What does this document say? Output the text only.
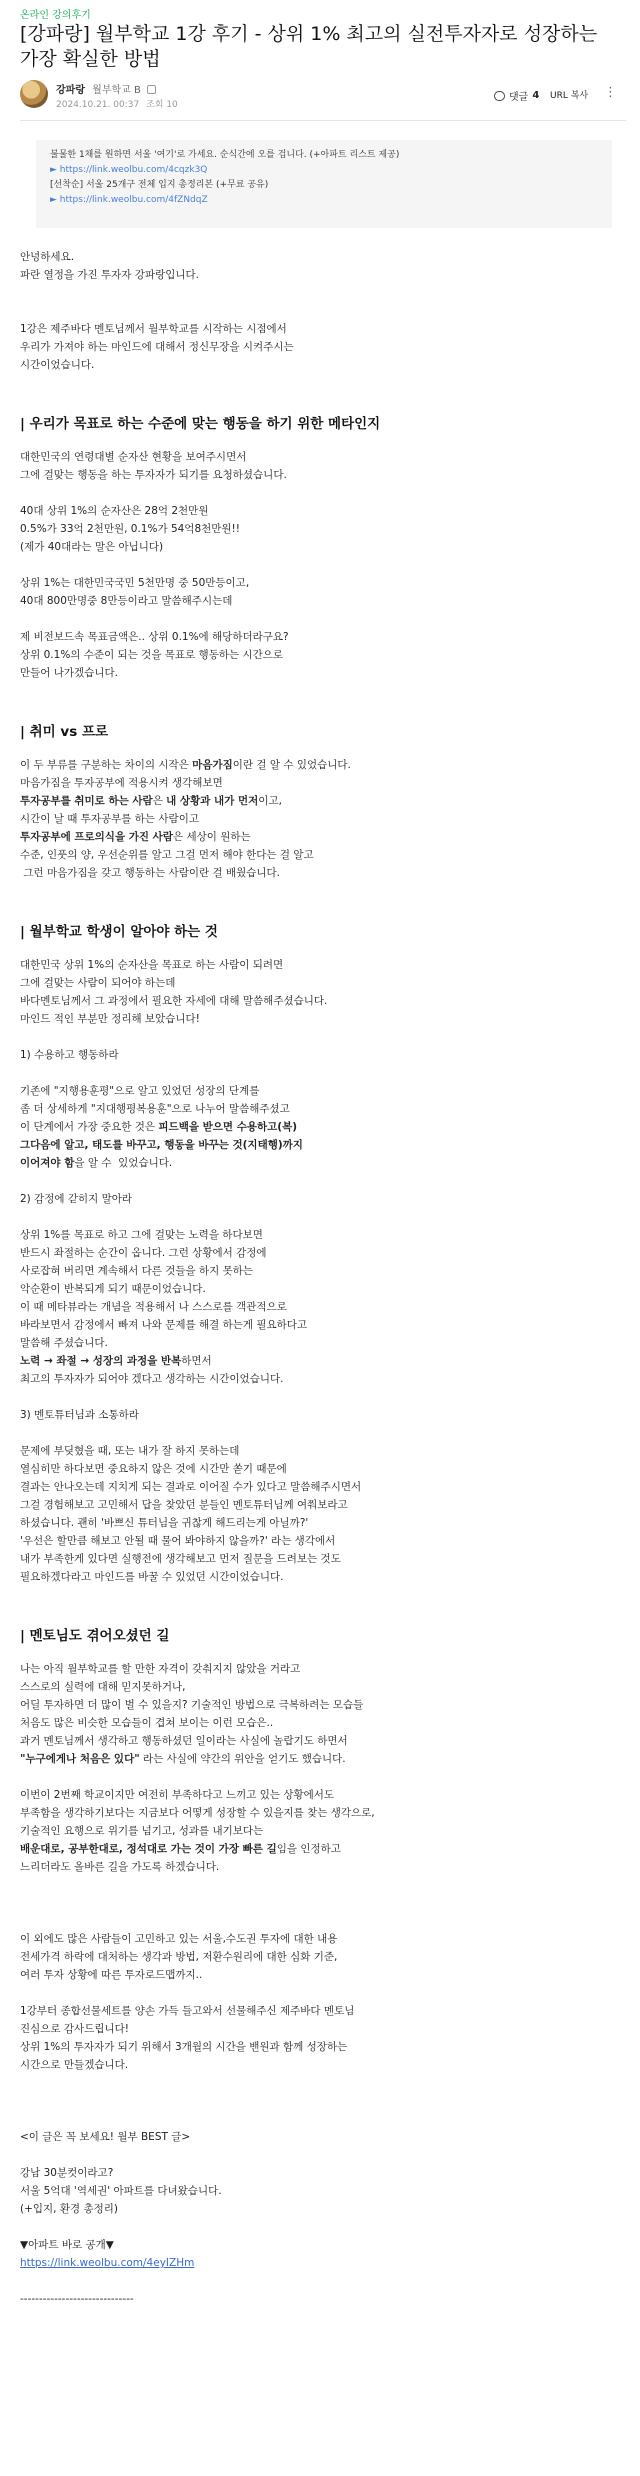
온라인 강의후기
[강파랑] 월부학교 1강 후기 - 상위 1% 최고의 실전투자자로 성장하는 가장 확실한 방법
강파랑 월부학교 B
2024.10.21. 00:37 조회 10
댓글 4 URL 복사 ⋮
불물한 1채를 원하면 서울 '여기'로 가세요. 순식간에 오를 겁니다. (+아파트 리스트 제공)
► https://link.weolbu.com/4cqzk3Q
[선착순] 서울 25개구 전체 입지 총정리본 (+무료 공유)
► https://link.weolbu.com/4fZNdqZ
안녕하세요.
파란 열정을 가진 투자자 강파랑입니다.
1강은 제주바다 멘토님께서 월부학교를 시작하는 시점에서
우리가 가져야 하는 마인드에 대해서 정신무장을 시켜주시는
시간이었습니다.
| 우리가 목표로 하는 수준에 맞는 행동을 하기 위한 메타인지
대한민국의 연령대별 순자산 현황을 보여주시면서
그에 걸맞는 행동을 하는 투자자가 되기를 요청하셨습니다.
40대 상위 1%의 순자산은 28억 2천만원
0.5%가 33억 2천만원, 0.1%가 54억8천만원!!
(제가 40대라는 말은 아닙니다)
상위 1%는 대한민국국민 5천만명 중 50만등이고,
40대 800만명중 8만등이라고 말씀해주시는데
제 비전보드속 목표금액은.. 상위 0.1%에 해당하더라구요?
상위 0.1%의 수준이 되는 것을 목표로 행동하는 시간으로
만들어 나가겠습니다.
| 취미 vs 프로
이 두 부류를 구분하는 차이의 시작은 마음가짐이란 걸 알 수 있었습니다.
마음가짐을 투자공부에 적용시켜 생각해보면
투자공부를 취미로 하는 사람은 내 상황과 내가 먼저이고,
시간이 날 때 투자공부를 하는 사람이고
투자공부에 프로의식을 가진 사람은 세상이 원하는
수준, 인풋의 양, 우선순위를 알고 그걸 먼저 해야 한다는 걸 알고
그런 마음가짐을 갖고 행동하는 사람이란 걸 배웠습니다.
| 월부학교 학생이 알아야 하는 것
대한민국 상위 1%의 순자산을 목표로 하는 사람이 되려면
그에 걸맞는 사람이 되어야 하는데
바다멘토님께서 그 과정에서 필요한 자세에 대해 말씀해주셨습니다.
마인드 적인 부분만 정리해 보았습니다!
1) 수용하고 행동하라
기존에 "지행용훈평"으로 알고 있었던 성장의 단계를
좀 더 상세하게 "지대행평복용훈"으로 나누어 말씀해주셨고
이 단계에서 가장 중요한 것은 피드백을 받으면 수용하고(복)
그다음에 알고, 태도를 바꾸고, 행동을 바꾸는 것(지태행)까지
이어져야 함을 알 수  있었습니다.
2) 감정에 갇히지 말아라
상위 1%를 목표로 하고 그에 걸맞는 노력을 하다보면
반드시 좌절하는 순간이 옵니다. 그런 상황에서 감정에
사로잡혀 버리면 계속해서 다른 것들을 하지 못하는
악순환이 반복되게 되기 때문이었습니다.
이 때 메타뷰라는 개념을 적용해서 나 스스로를 객관적으로
바라보면서 감정에서 빠져 나와 문제를 해결 하는게 필요하다고
말씀해 주셨습니다.
노력 → 좌절 → 성장의 과정을 반복하면서
최고의 투자자가 되어야 겠다고 생각하는 시간이었습니다.
3) 멘토튜터님과 소통하라
문제에 부딪혔을 때, 또는 내가 잘 하지 못하는데
열심히만 하다보면 중요하지 않은 것에 시간만 쏟기 때문에
결과는 안나오는데 지치게 되는 결과로 이어질 수가 있다고 말씀해주시면서
그걸 경험해보고 고민해서 답을 찾았던 분들인 멘토튜터님께 여쭤보라고
하셨습니다. 괜히 '바쁘신 튜터님을 귀찮게 해드리는게 아닐까?'
'우선은 할만큼 해보고 안될 때 물어 봐야하지 않을까?' 라는 생각에서
내가 부족한게 있다면 실행전에 생각해보고 먼저 질문을 드려보는 것도
필요하겠다라고 마인드를 바꿀 수 있었던 시간이었습니다.
| 멘토님도 겪어오셨던 길
나는 아직 월부학교를 할 만한 자격이 갖춰지지 않았을 거라고
스스로의 실력에 대해 믿지못하거나,
어딜 투자하면 더 많이 벌 수 있을지? 기술적인 방법으로 극복하려는 모습들
처음도 많은 비슷한 모습들이 겹쳐 보이는 이런 모습은..
과거 멘토님께서 생각하고 행동하셨던 일이라는 사실에 놀랍기도 하면서
"누구에게나 처음은 있다" 라는 사실에 약간의 위안을 얻기도 했습니다.
이번이 2번째 학교이지만 여전히 부족하다고 느끼고 있는 상황에서도
부족함을 생각하기보다는 지금보다 어떻게 성장할 수 있을지를 찾는 생각으로,
기술적인 요행으로 위기를 넘기고, 성과를 내기보다는
배운대로, 공부한대로, 정석대로 가는 것이 가장 빠른 길임을 인정하고
느리더라도 올바른 길을 가도록 하겠습니다.
이 외에도 많은 사람들이 고민하고 있는 서울,수도권 투자에 대한 내용
전세가격 하락에 대처하는 생각과 방법, 저환수원리에 대한 심화 기준,
여러 투자 상황에 따른 투자로드맵까지..
1강부터 종합선물세트를 양손 가득 들고와서 선물해주신 제주바다 멘토님
진심으로 감사드립니다!
상위 1%의 투자자가 되기 위해서 3개월의 시간을 밴원과 함께 성장하는
시간으로 만들겠습니다.
<이 글은 꼭 보세요! 월부 BEST 글>
강남 30분컷이라고?
서울 5억대 '역세권' 아파트를 다녀왔습니다.
(+입지, 환경 총정리)
▼아파트 바로 공개▼
https://link.weolbu.com/4eyIZHm
------------------------------
